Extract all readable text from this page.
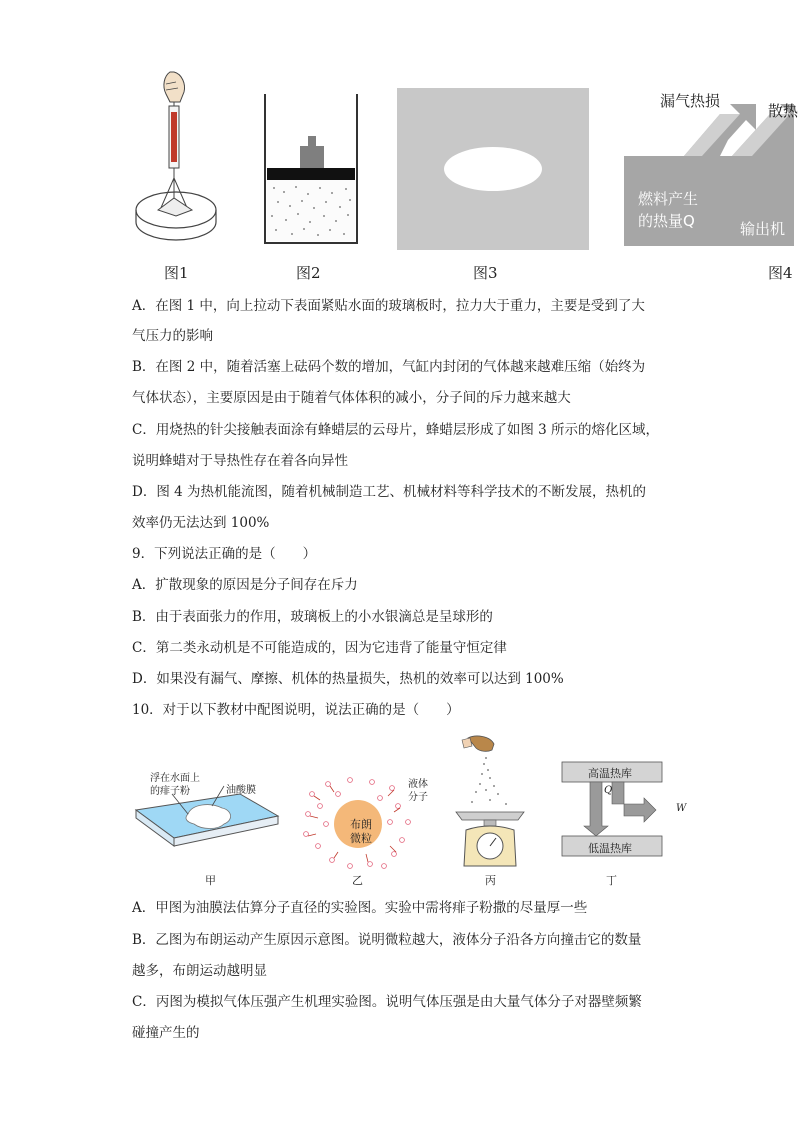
漏气热损
散热
燃料产生
的热量Q	输出机
图1	图2	图3	图4
A．在图 1 中，向上拉动下表面紧贴水面的玻璃板时，拉力大于重力，主要是受到了大
气压力的影响
B．在图 2 中，随着活塞上砝码个数的增加，气缸内封闭的气体越来越难压缩（始终为
气体状态），主要原因是由于随着气体体积的减小，分子间的斥力越来越大
C．用烧热的针尖接触表面涂有蜂蜡层的云母片，蜂蜡层形成了如图 3 所示的熔化区域，
说明蜂蜡对于导热性存在着各向异性
D．图 4 为热机能流图，随着机械制造工艺、机械材料等科学技术的不断发展，热机的
效率仍无法达到 100%
9．下列说法正确的是（　　）
A．扩散现象的原因是分子间存在斥力
B．由于表面张力的作用，玻璃板上的小水银滴总是呈球形的
C．第二类永动机是不可能造成的，因为它违背了能量守恒定律
D．如果没有漏气、摩擦、机体的热量损失，热机的效率可以达到 100%
10．对于以下教材中配图说明，说法正确的是（　　）
浮在水面上
的痱子粉	油酸膜
布朗
微粒
液体
分子
高温热库
低温热库
Q
W
甲	乙	丙	丁
A．甲图为油膜法估算分子直径的实验图。实验中需将痱子粉撒的尽量厚一些
B．乙图为布朗运动产生原因示意图。说明微粒越大，液体分子沿各方向撞击它的数量
越多，布朗运动越明显
C．丙图为模拟气体压强产生机理实验图。说明气体压强是由大量气体分子对器壁频繁
碰撞产生的
